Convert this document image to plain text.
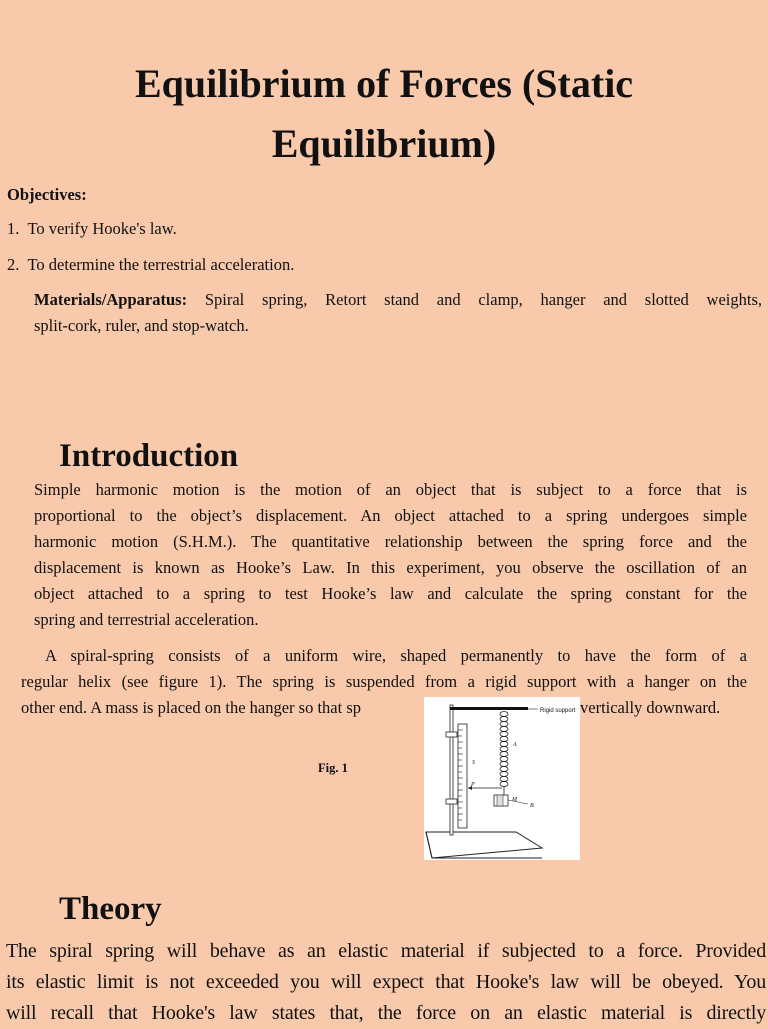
Equilibrium of Forces (Static
Equilibrium)
Objectives:
1. To verify Hooke's law.
2. To determine the terrestrial acceleration.
Materials/Apparatus: Spiral spring, Retort stand and clamp, hanger and slotted weights,
split-cork, ruler, and stop-watch.
Introduction
Simple harmonic motion is the motion of an object that is subject to a force that is
proportional to the object’s displacement. An object attached to a spring undergoes simple
harmonic motion (S.H.M.). The quantitative relationship between the spring force and the
displacement is known as Hooke’s Law. In this experiment, you observe the oscillation of an
object attached to a spring to test Hooke’s law and calculate the spring constant for the
spring and terrestrial acceleration.
A spiral-spring consists of a uniform wire, shaped permanently to have the form of a
regular helix (see figure 1). The spring is suspended from a rigid support with a hanger on the
other end. A mass is placed on the hanger so that sp	vertically downward.
Fig. 1
Rigid support
A
S
P
M
B
Theory
The spiral spring will behave as an elastic material if subjected to a force. Provided
its elastic limit is not exceeded you will expect that Hooke's law will be obeyed. You
will recall that Hooke's law states that, the force on an elastic material is directly
